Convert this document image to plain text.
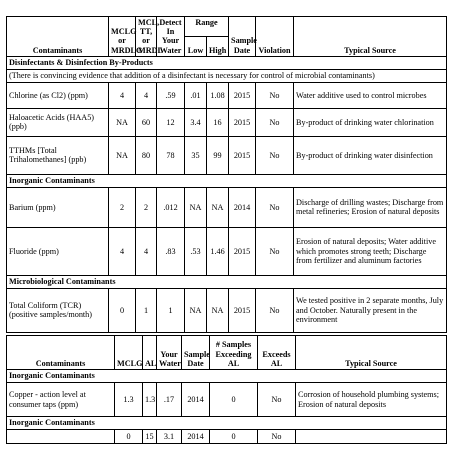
Contaminants	MCLG or MRDLG	MCL, TT, or MRDL	Detect In Your Water	Range		Sample Date	Violation	Typical Source
				Low	High			
Disinfectants & Disinfection By-Products								
(There is convincing evidence that addition of a disinfectant is necessary for control of microbial contaminants)								
Chlorine (as Cl2) (ppm)	4	4	.59	.01	1.08	2015	No	Water additive used to control microbes
Haloacetic Acids (HAA5) (ppb)	NA	60	12	3.4	16	2015	No	By-product of drinking water chlorination
TTHMs [Total Trihalomethanes] (ppb)	NA	80	78	35	99	2015	No	By-product of drinking water disinfection
Inorganic Contaminants								
Barium (ppm)	2	2	.012	NA	NA	2014	No	Discharge of drilling wastes; Discharge from metal refineries; Erosion of natural deposits
Fluoride (ppm)	4	4	.83	.53	1.46	2015	No	Erosion of natural deposits; Water additive which promotes strong teeth; Discharge from fertilizer and aluminum factories
Microbiological Contaminants								
Total Coliform (TCR) (positive samples/month)	0	1	1	NA	NA	2015	No	We tested positive in 2 separate months, July and October. Naturally present in the environment
Contaminants	MCLG	AL	Your Water	Sample Date	# Samples Exceeding AL	Exceeds AL	Typical Source
Inorganic Contaminants							
Copper - action level at consumer taps (ppm)	1.3	1.3	.17	2014	0	No	Corrosion of household plumbing systems; Erosion of natural deposits
Inorganic Contaminants							
	0	15	3.1	2014	0	No	
